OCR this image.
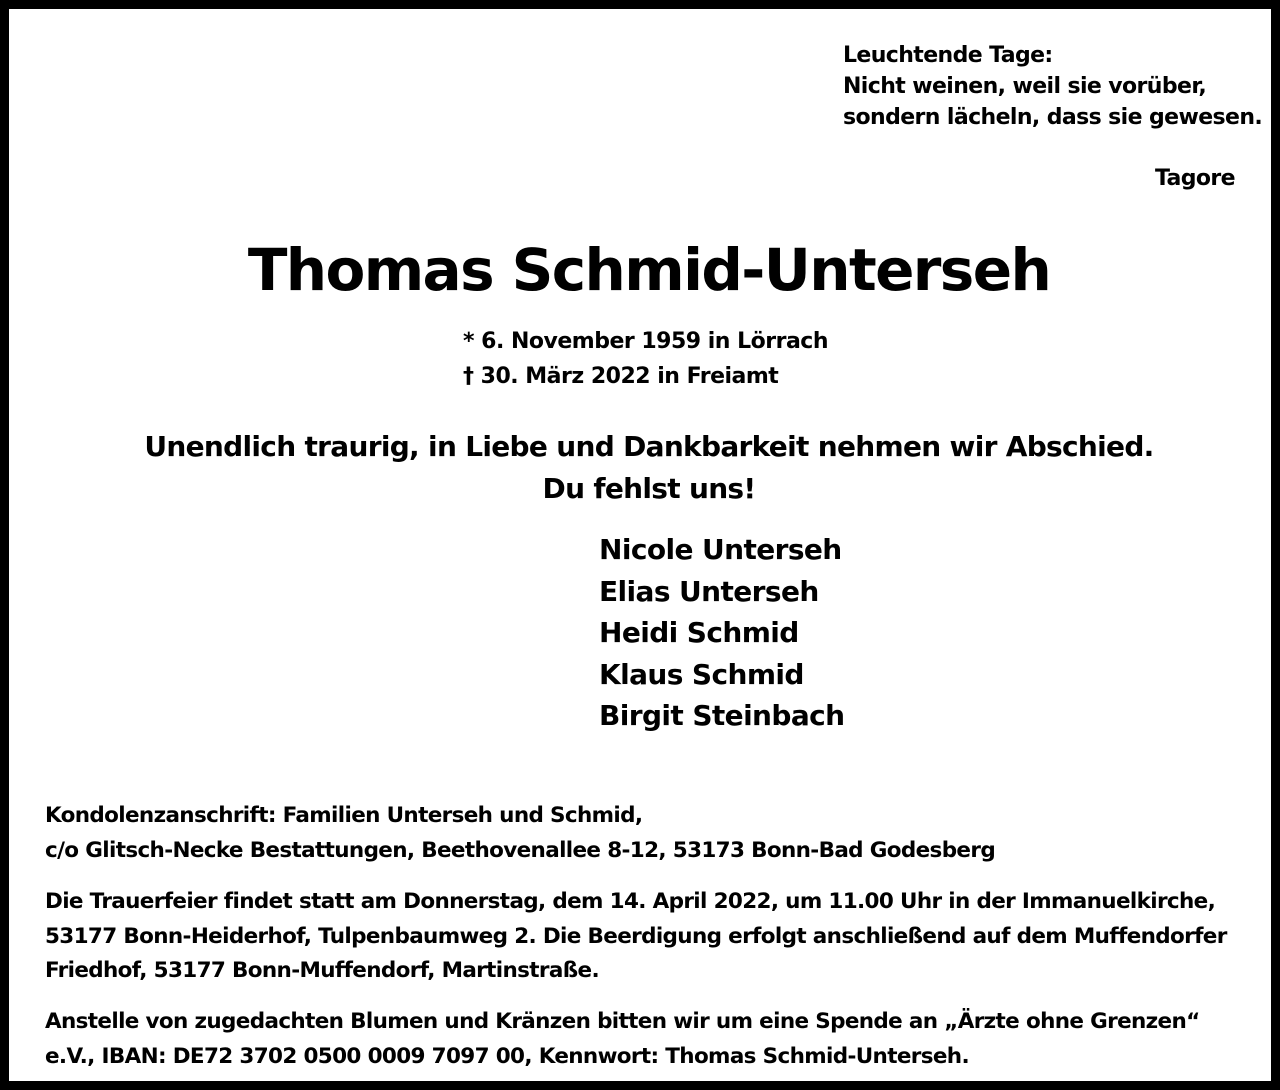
Leuchtende Tage:
Nicht weinen, weil sie vorüber,
sondern lächeln, dass sie gewesen.
Tagore
Thomas Schmid-Unterseh
* 6. November 1959 in Lörrach
† 30. März 2022 in Freiamt
Unendlich traurig, in Liebe und Dankbarkeit nehmen wir Abschied.
Du fehlst uns!
Nicole Unterseh
Elias Unterseh
Heidi Schmid
Klaus Schmid
Birgit Steinbach
Kondolenzanschrift: Familien Unterseh und Schmid,
c/o Glitsch-Necke Bestattungen, Beethovenallee 8-12, 53173 Bonn-Bad Godesberg
Die Trauerfeier findet statt am Donnerstag, dem 14. April 2022, um 11.00 Uhr in der Immanuelkirche,
53177 Bonn-Heiderhof, Tulpenbaumweg 2. Die Beerdigung erfolgt anschließend auf dem Muffendorfer
Friedhof, 53177 Bonn-Muffendorf, Martinstraße.
Anstelle von zugedachten Blumen und Kränzen bitten wir um eine Spende an „Ärzte ohne Grenzen“
e.V., IBAN: DE72 3702 0500 0009 7097 00, Kennwort: Thomas Schmid-Unterseh.
